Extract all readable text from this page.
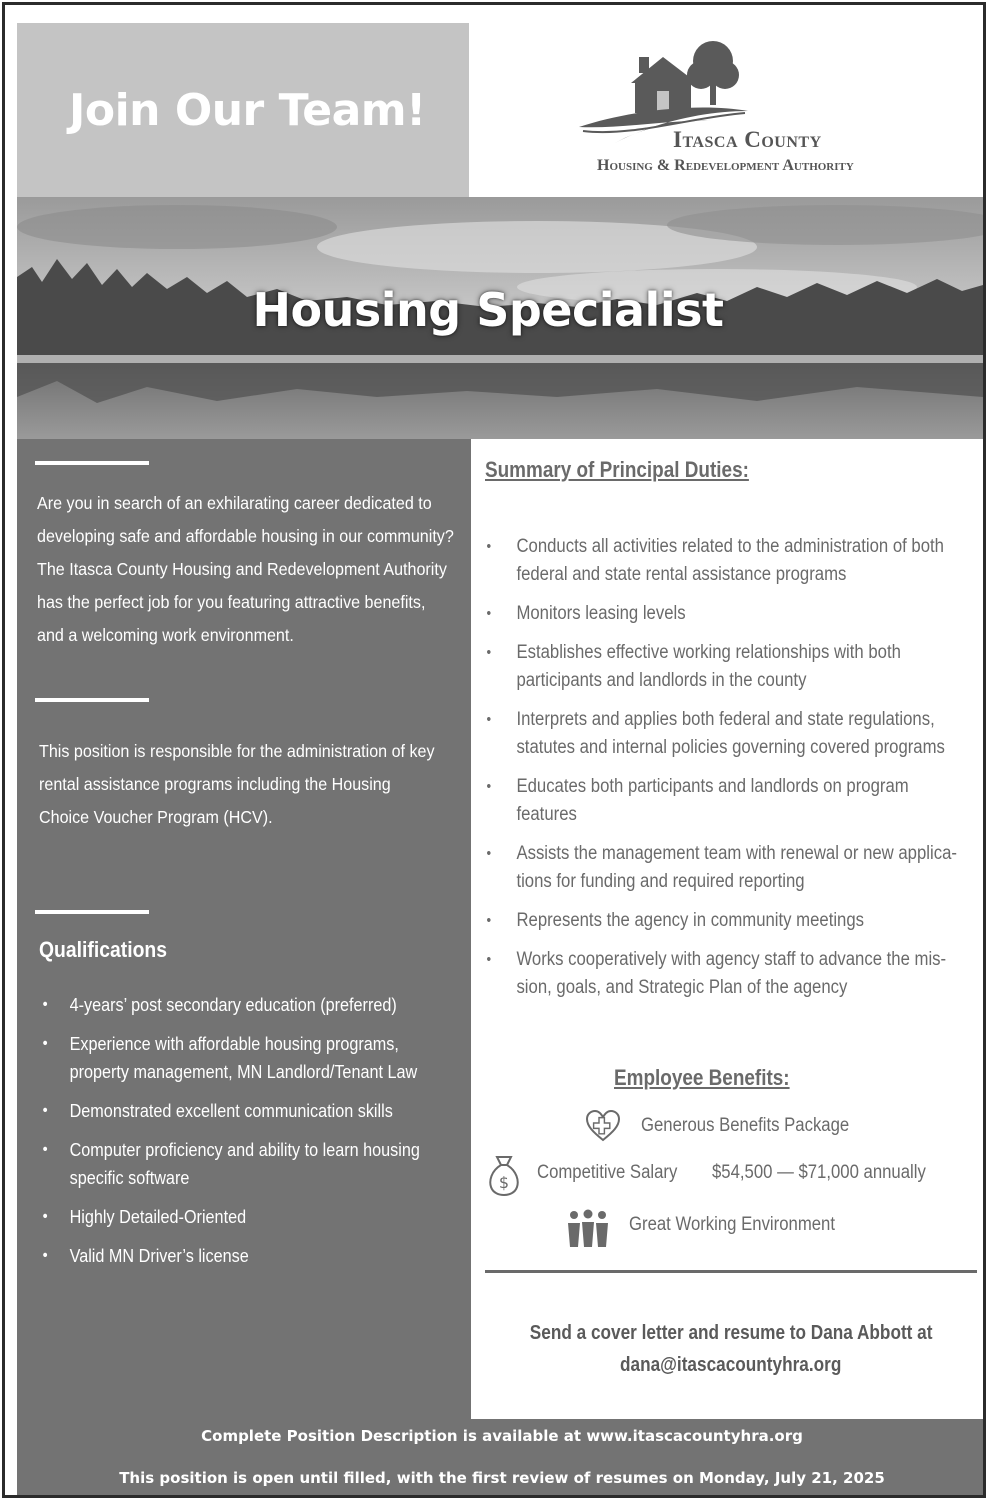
Join Our Team!
Itasca County
Housing & Redevelopment Authority
Housing Specialist
Are you in search of an exhilarating career dedicated to developing safe and affordable housing in our community? The Itasca County Housing and Redevelopment Authority has the perfect job for you featuring attractive benefits, and a welcoming work environment.
This position is responsible for the administration of key rental assistance programs including the Housing Choice Voucher Program (HCV).
Qualifications
• 4-years’ post secondary education (preferred)
• Experience with affordable housing programs, property management, MN Landlord/Tenant Law
• Demonstrated excellent communication skills
• Computer proficiency and ability to learn housing specific software
• Highly Detailed-Oriented
• Valid MN Driver’s license
Summary of Principal Duties:
• Conducts all activities related to the administration of both federal and state rental assistance programs
• Monitors leasing levels
• Establishes effective working relationships with both participants and landlords in the county
• Interprets and applies both federal and state regulations, statutes and internal policies governing covered programs
• Educates both participants and landlords on program features
• Assists the management team with renewal or new applica-tions for funding and required reporting
• Represents the agency in community meetings
• Works cooperatively with agency staff to advance the mis-sion, goals, and Strategic Plan of the agency
Employee Benefits:
Generous Benefits Package
$ Competitive Salary $54,500 — $71,000 annually
Great Working Environment
Send a cover letter and resume to Dana Abbott at
dana@itascacountyhra.org
Complete Position Description is available at www.itascacountyhra.org
This position is open until filled, with the first review of resumes on Monday, July 21, 2025
